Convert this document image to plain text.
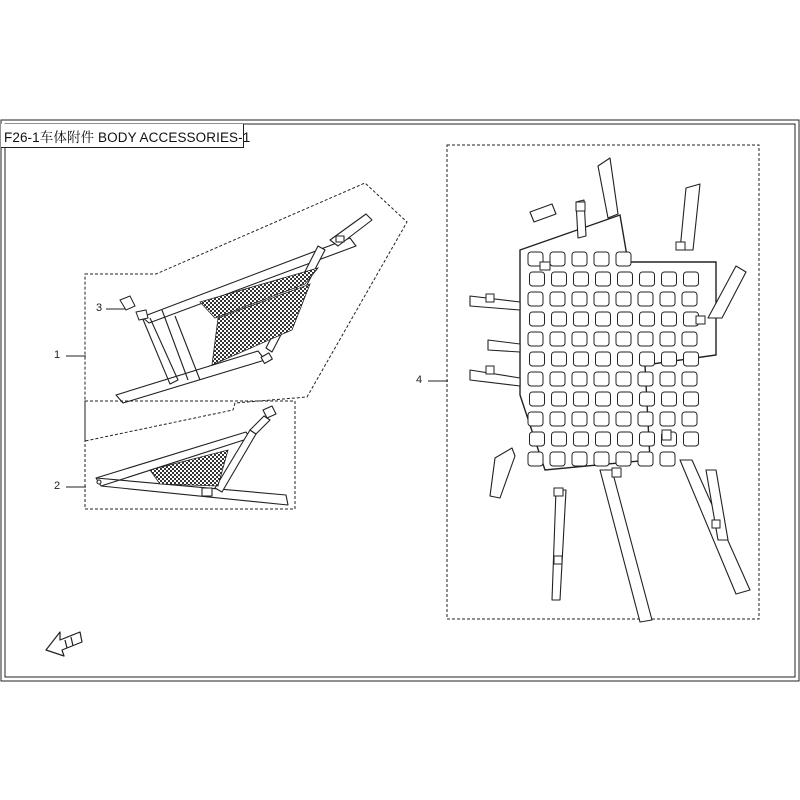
F26-1车体附件 BODY ACCESSORIES-1
1
2
3
4
